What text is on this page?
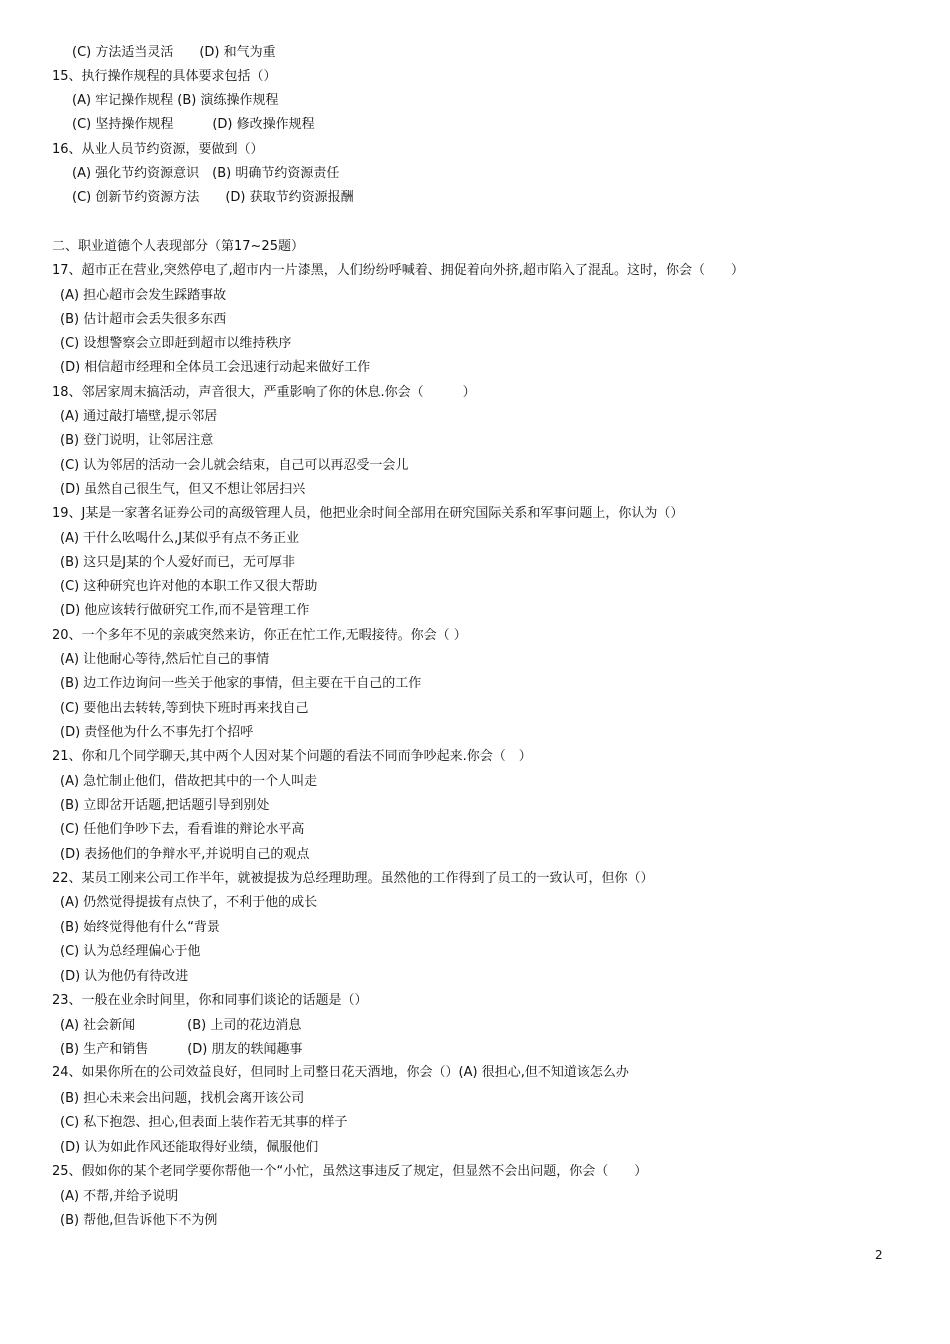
(C) 方法适当灵活　　(D) 和气为重
15、执行操作规程的具体要求包括（）
(A) 牢记操作规程 (B) 演练操作规程
(C) 坚持操作规程　　　(D) 修改操作规程
16、从业人员节约资源，要做到（）
(A) 强化节约资源意识　(B) 明确节约资源责任
(C) 创新节约资源方法　　(D) 获取节约资源报酬
二、职业道德个人表现部分（第17~25题）
17、超市正在营业,突然停电了,超市内一片漆黑，人们纷纷呼喊着、拥促着向外挤,超市陷入了混乱。这时，你会（　　）
(A) 担心超市会发生踩踏事故
(B) 估计超市会丢失很多东西
(C) 设想警察会立即赶到超市以维持秩序
(D) 相信超市经理和全体员工会迅速行动起来做好工作
18、邻居家周末搞活动，声音很大，严重影响了你的休息.你会（　　　）
(A) 通过敲打墙壁,提示邻居
(B) 登门说明，让邻居注意
(C) 认为邻居的活动一会儿就会结束，自己可以再忍受一会儿
(D) 虽然自己很生气，但又不想让邻居扫兴
19、J某是一家著名证券公司的高级管理人员，他把业余时间全部用在研究国际关系和军事问题上，你认为（）
(A) 干什么吆喝什么,J某似乎有点不务正业
(B) 这只是J某的个人爱好而已，无可厚非
(C) 这种研究也许对他的本职工作又很大帮助
(D) 他应该转行做研究工作,而不是管理工作
20、一个多年不见的亲戚突然来访，你正在忙工作,无暇接待。你会（ ）
(A) 让他耐心等待,然后忙自己的事情
(B) 边工作边询问一些关于他家的事情，但主要在干自己的工作
(C) 要他出去转转,等到快下班时再来找自己
(D) 责怪他为什么不事先打个招呼
21、你和几个同学聊天,其中两个人因对某个问题的看法不同而争吵起来.你会（　）
(A) 急忙制止他们，借故把其中的一个人叫走
(B) 立即岔开话题,把话题引导到别处
(C) 任他们争吵下去，看看谁的辩论水平高
(D) 表扬他们的争辩水平,并说明自己的观点
22、某员工刚来公司工作半年，就被提拔为总经理助理。虽然他的工作得到了员工的一致认可，但你（）
(A) 仍然觉得提拔有点快了，不利于他的成长
(B) 始终觉得他有什么“背景
(C) 认为总经理偏心于他
(D) 认为他仍有待改进
23、一般在业余时间里，你和同事们谈论的话题是（）
(A) 社会新闻　　　　(B) 上司的花边消息
(B) 生产和销售　　　(D) 朋友的轶闻趣事
24、如果你所在的公司效益良好，但同时上司整日花天酒地，你会（）(A) 很担心,但不知道该怎么办
(B) 担心未来会出问题，找机会离开该公司
(C) 私下抱怨、担心,但表面上装作若无其事的样子
(D) 认为如此作风还能取得好业绩，佩服他们
25、假如你的某个老同学要你帮他一个“小忙，虽然这事违反了规定，但显然不会出问题，你会（　　）
(A) 不帮,并给予说明
(B) 帮他,但告诉他下不为例
2
